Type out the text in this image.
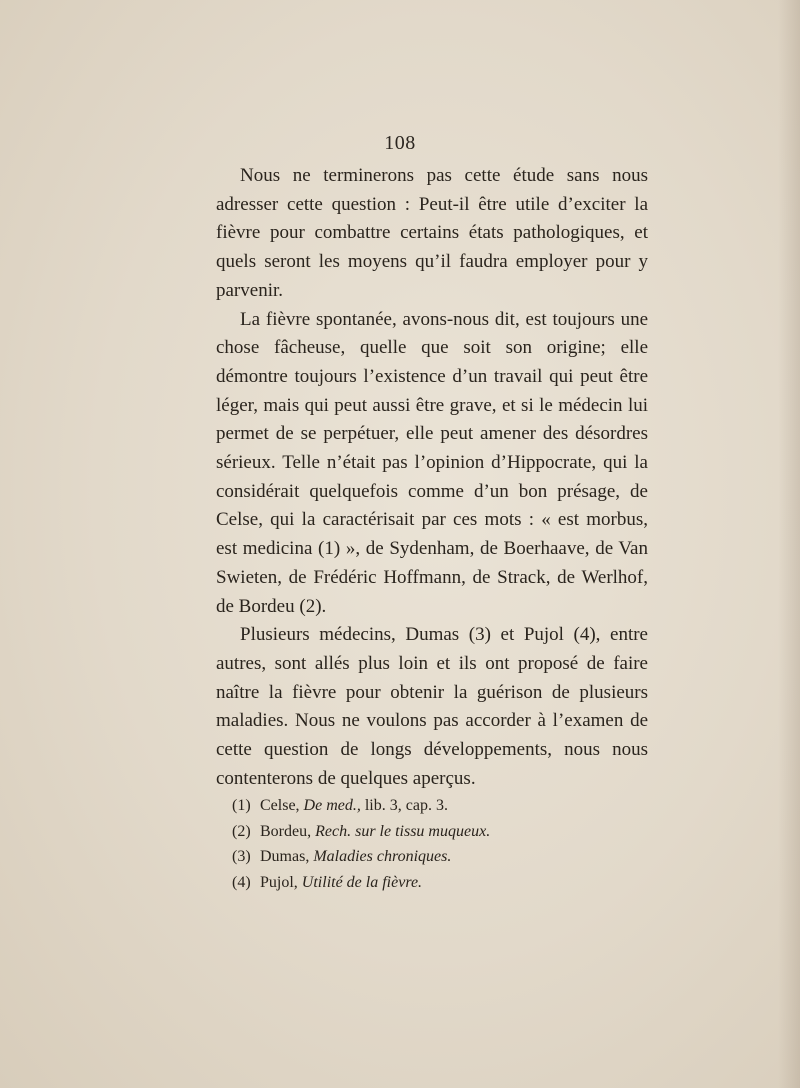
108

Nous ne terminerons pas cette étude sans nous adresser cette question : Peut-il être utile d’exciter la fièvre pour combattre certains états pathologiques, et quels seront les moyens qu’il faudra employer pour y parvenir.

La fièvre spontanée, avons-nous dit, est toujours une chose fâcheuse, quelle que soit son origine; elle démontre toujours l’existence d’un travail qui peut être léger, mais qui peut aussi être grave, et si le médecin lui permet de se perpétuer, elle peut amener des désordres sérieux. Telle n’était pas l’opinion d’Hippocrate, qui la considérait quelquefois comme d’un bon présage, de Celse, qui la caractérisait par ces mots : « est morbus, est medicina (1) », de Sydenham, de Boerhaave, de Van Swieten, de Frédéric Hoffmann, de Strack, de Werlhof, de Bordeu (2).

Plusieurs médecins, Dumas (3) et Pujol (4), entre autres, sont allés plus loin et ils ont proposé de faire naître la fièvre pour obtenir la guérison de plusieurs maladies. Nous ne voulons pas accorder à l’examen de cette question de longs développements, nous nous contenterons de quelques aperçus.

(1) Celse, De med., lib. 3, cap. 3.
(2) Bordeu, Rech. sur le tissu muqueux.
(3) Dumas, Maladies chroniques.
(4) Pujol, Utilité de la fièvre.
